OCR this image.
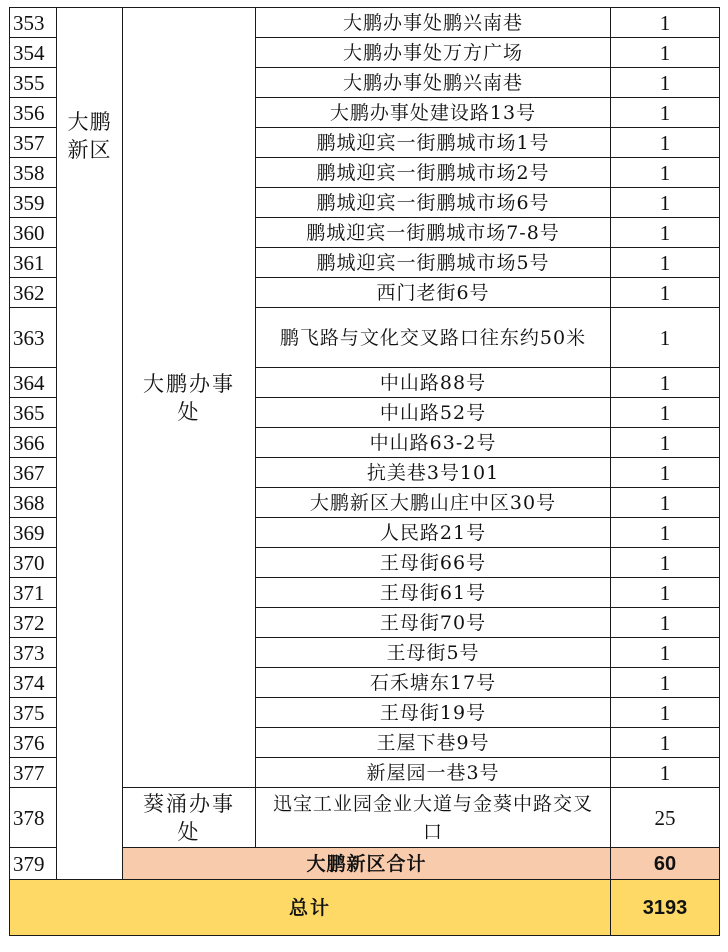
353	大鹏新区	大鹏办事处	大鹏办事处鹏兴南巷	1
354			大鹏办事处万方广场	1
355			大鹏办事处鹏兴南巷	1
356			大鹏办事处建设路13号	1
357			鹏城迎宾一街鹏城市场1号	1
358			鹏城迎宾一街鹏城市场2号	1
359			鹏城迎宾一街鹏城市场6号	1
360			鹏城迎宾一街鹏城市场7-8号	1
361			鹏城迎宾一街鹏城市场5号	1
362			西门老街6号	1
363			鹏飞路与文化交叉路口往东约50米	1
364			中山路88号	1
365			中山路52号	1
366			中山路63-2号	1
367			抗美巷3号101	1
368			大鹏新区大鹏山庄中区30号	1
369			人民路21号	1
370			王母街66号	1
371			王母街61号	1
372			王母街70号	1
373			王母街5号	1
374			石禾塘东17号	1
375			王母街19号	1
376			王屋下巷9号	1
377			新屋园一巷3号	1
378		葵涌办事处	迅宝工业园金业大道与金葵中路交叉口	25
379		大鹏新区合计		60
总计				3193
